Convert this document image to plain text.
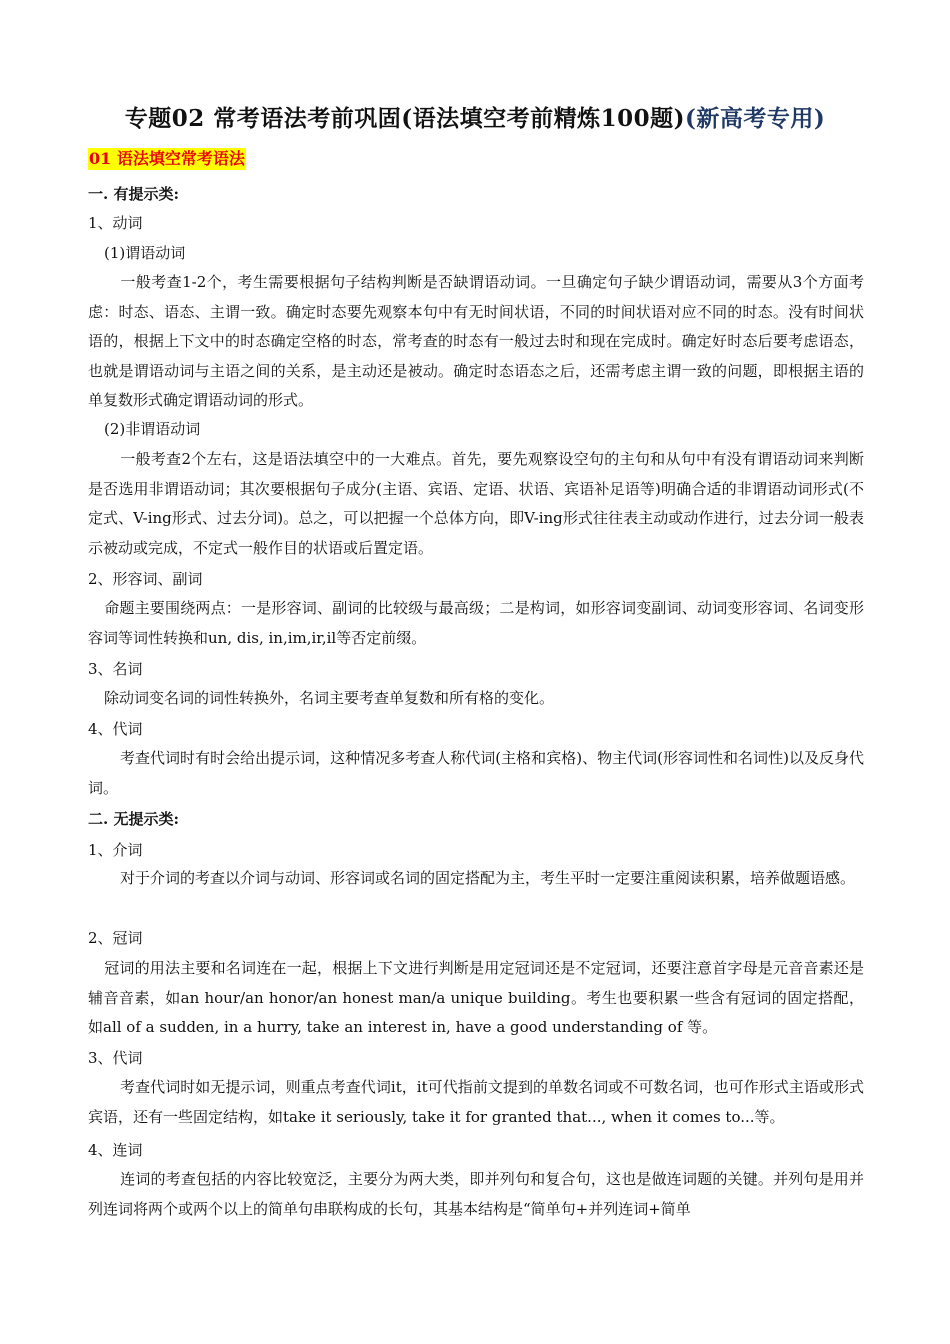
专题02 常考语法考前巩固(语法填空考前精炼100题)(新高考专用)
01 语法填空常考语法
一. 有提示类:
1、动词
(1)谓语动词
一般考查1-2个，考生需要根据句子结构判断是否缺谓语动词。一旦确定句子缺少谓语动词，需要从3个方面考虑：时态、语态、主谓一致。确定时态要先观察本句中有无时间状语，不同的时间状语对应不同的时态。没有时间状语的，根据上下文中的时态确定空格的时态，常考查的时态有一般过去时和现在完成时。确定好时态后要考虑语态，也就是谓语动词与主语之间的关系，是主动还是被动。确定时态语态之后，还需考虑主谓一致的问题，即根据主语的单复数形式确定谓语动词的形式。
(2)非谓语动词
一般考查2个左右，这是语法填空中的一大难点。首先，要先观察设空句的主句和从句中有没有谓语动词来判断是否选用非谓语动词；其次要根据句子成分(主语、宾语、定语、状语、宾语补足语等)明确合适的非谓语动词形式(不定式、V-ing形式、过去分词)。总之，可以把握一个总体方向，即V-ing形式往往表主动或动作进行，过去分词一般表示被动或完成，不定式一般作目的状语或后置定语。
2、形容词、副词
命题主要围绕两点：一是形容词、副词的比较级与最高级；二是构词，如形容词变副词、动词变形容词、名词变形容词等词性转换和un, dis, in,im,ir,il等否定前缀。
3、名词
除动词变名词的词性转换外，名词主要考查单复数和所有格的变化。
4、代词
考查代词时有时会给出提示词，这种情况多考查人称代词(主格和宾格)、物主代词(形容词性和名词性)以及反身代词。
二. 无提示类:
1、介词
对于介词的考查以介词与动词、形容词或名词的固定搭配为主，考生平时一定要注重阅读积累，培养做题语感。
2、冠词
冠词的用法主要和名词连在一起，根据上下文进行判断是用定冠词还是不定冠词，还要注意首字母是元音音素还是辅音音素，如an hour/an honor/an honest man/a unique building。考生也要积累一些含有冠词的固定搭配，如all of a sudden, in a hurry, take an interest in, have a good understanding of 等。
3、代词
考查代词时如无提示词，则重点考查代词it，it可代指前文提到的单数名词或不可数名词，也可作形式主语或形式宾语，还有一些固定结构，如take it seriously, take it for granted that..., when it comes to...等。
4、连词
连词的考查包括的内容比较宽泛，主要分为两大类，即并列句和复合句，这也是做连词题的关键。并列句是用并列连词将两个或两个以上的简单句串联构成的长句，其基本结构是“简单句+并列连词+简单
